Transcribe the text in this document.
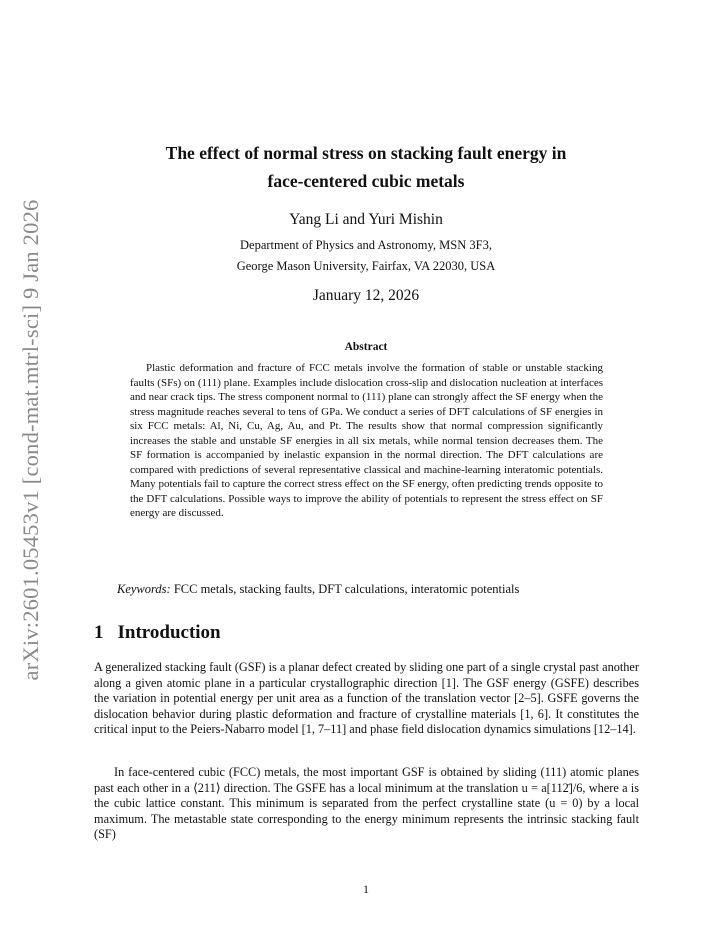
arXiv:2601.05453v1 [cond-mat.mtrl-sci] 9 Jan 2026
The effect of normal stress on stacking fault energy in
face-centered cubic metals
Yang Li and Yuri Mishin
Department of Physics and Astronomy, MSN 3F3,
George Mason University, Fairfax, VA 22030, USA
January 12, 2026
Abstract
Plastic deformation and fracture of FCC metals involve the formation of stable or unstable stacking faults (SFs) on (111) plane. Examples include dislocation cross-slip and dislocation nucleation at interfaces and near crack tips. The stress component normal to (111) plane can strongly affect the SF energy when the stress magnitude reaches several to tens of GPa. We conduct a series of DFT calculations of SF energies in six FCC metals: Al, Ni, Cu, Ag, Au, and Pt. The results show that normal compression significantly increases the stable and unstable SF energies in all six metals, while normal tension decreases them. The SF formation is accompanied by inelastic expansion in the normal direction. The DFT calculations are compared with predictions of several representative classical and machine-learning interatomic potentials. Many potentials fail to capture the correct stress effect on the SF energy, often predicting trends opposite to the DFT calculations. Possible ways to improve the ability of potentials to represent the stress effect on SF energy are discussed.
Keywords: FCC metals, stacking faults, DFT calculations, interatomic potentials
1 Introduction
A generalized stacking fault (GSF) is a planar defect created by sliding one part of a single crystal past another along a given atomic plane in a particular crystallographic direction [1]. The GSF energy (GSFE) describes the variation in potential energy per unit area as a function of the translation vector [2–5]. GSFE governs the dislocation behavior during plastic deformation and fracture of crystalline materials [1, 6]. It constitutes the critical input to the Peiers-Nabarro model [1, 7–11] and phase field dislocation dynamics simulations [12–14].
In face-centered cubic (FCC) metals, the most important GSF is obtained by sliding (111) atomic planes past each other in a ⟨211⟩ direction. The GSFE has a local minimum at the translation u = a[112̄]/6, where a is the cubic lattice constant. This minimum is separated from the perfect crystalline state (u = 0) by a local maximum. The metastable state corresponding to the energy minimum represents the intrinsic stacking fault (SF)
1
